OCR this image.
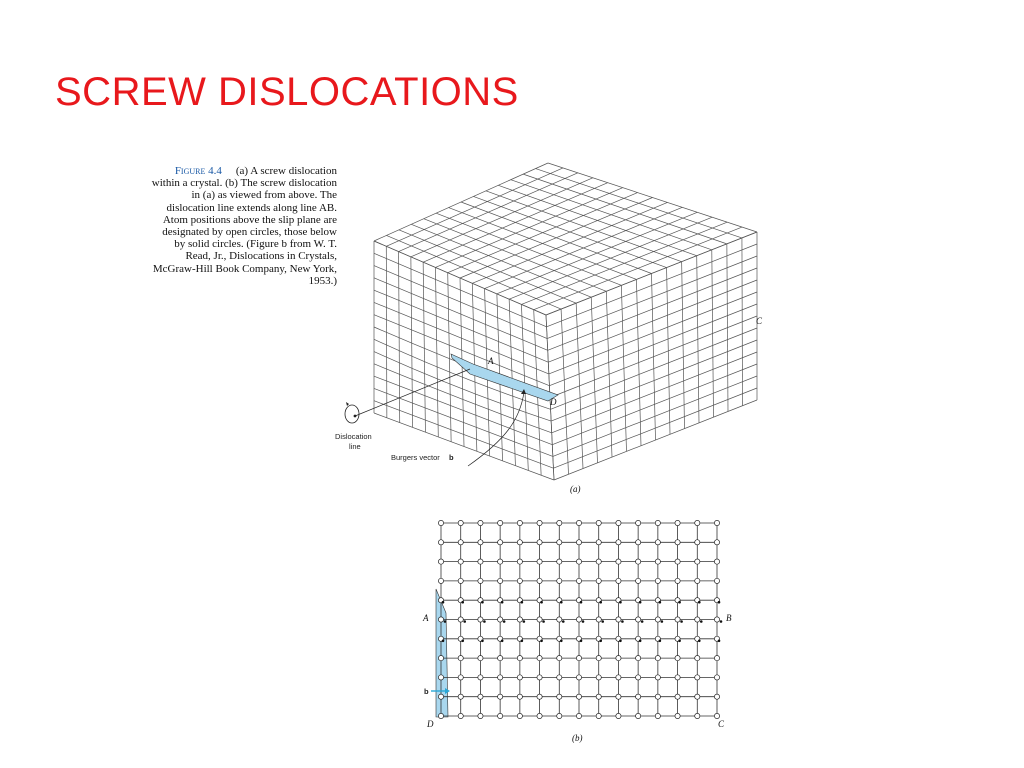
SCREW DISLOCATIONS
Figure 4.4 (a) A screw dislocation within a crystal. (b) The screw dislocation in (a) as viewed from above. The dislocation line extends along line AB. Atom positions above the slip plane are designated by open circles, those below by solid circles. (Figure b from W. T. Read, Jr., Dislocations in Crystals, McGraw-Hill Book Company, New York, 1953.)
C
A
D
Dislocation
line
Burgers vector b
(a)
A	B
C
D
b
(b)
